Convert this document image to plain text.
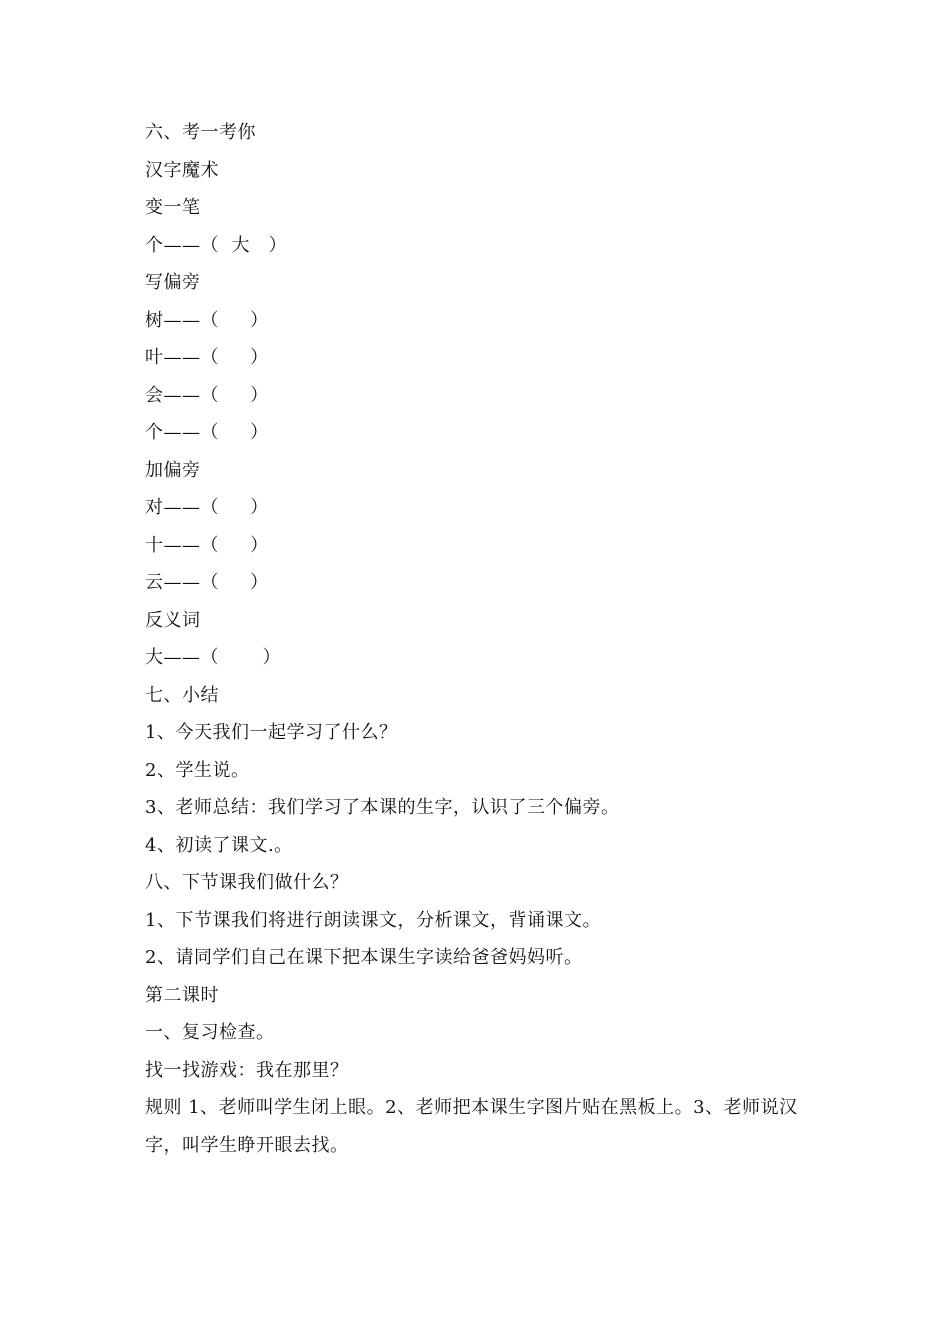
六、考一考你
汉字魔术
变一笔
个——（  大   ）
写偏旁
树——（     ）
叶——（     ）
会——（     ）
个——（     ）
加偏旁
对——（     ）
十——（     ）
云——（     ）
反义词
大——（       ）
七、小结
1、今天我们一起学习了什么？
2、学生说。
3、老师总结：我们学习了本课的生字，认识了三个偏旁。
4、初读了课文.。
八、下节课我们做什么？
1、下节课我们将进行朗读课文，分析课文，背诵课文。
2、请同学们自己在课下把本课生字读给爸爸妈妈听。
第二课时
一、复习检查。
找一找游戏：我在那里？
规则 1、老师叫学生闭上眼。2、老师把本课生字图片贴在黑板上。3、老师说汉字，叫学生睁开眼去找。
